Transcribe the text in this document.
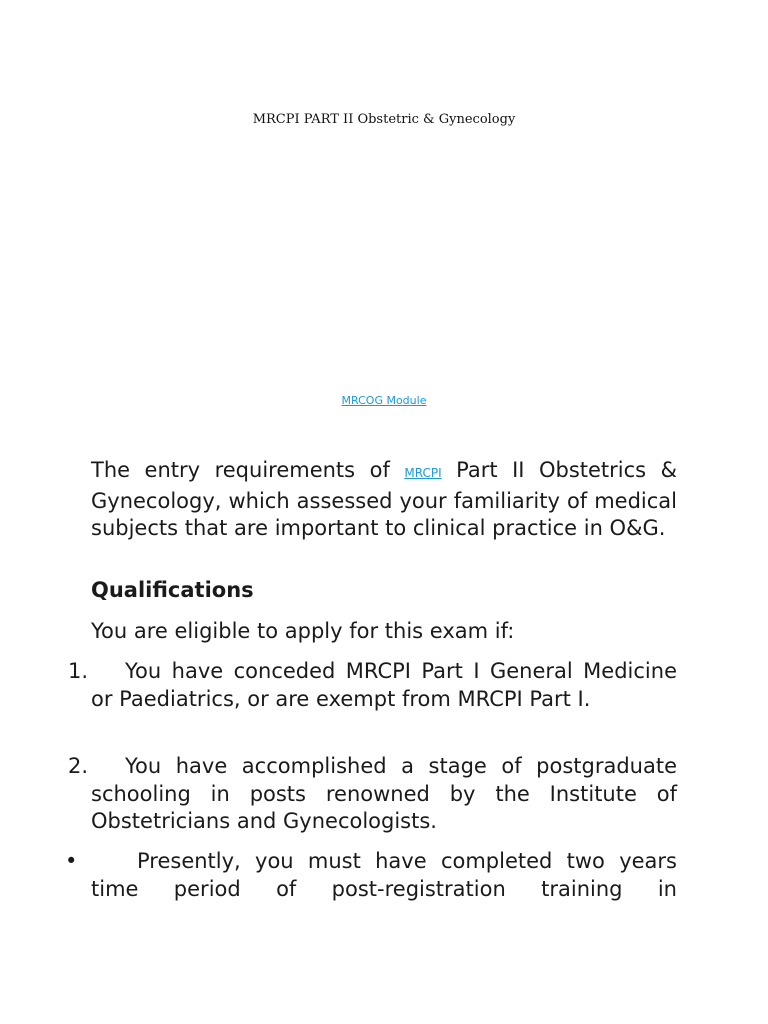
MRCPI PART II Obstetric & Gynecology
MRCOG Module

The entry requirements of MRCPI Part II Obstetrics & Gynecology, which assessed your familiarity of medical subjects that are important to clinical practice in O&G.

Qualifications

You are eligible to apply for this exam if:

1. You have conceded MRCPI Part I General Medicine or Paediatrics, or are exempt from MRCPI Part I.

2. You have accomplished a stage of postgraduate schooling in posts renowned by the Institute of Obstetricians and Gynecologists.

•	Presently, you must have completed two years time period of post-registration training in
